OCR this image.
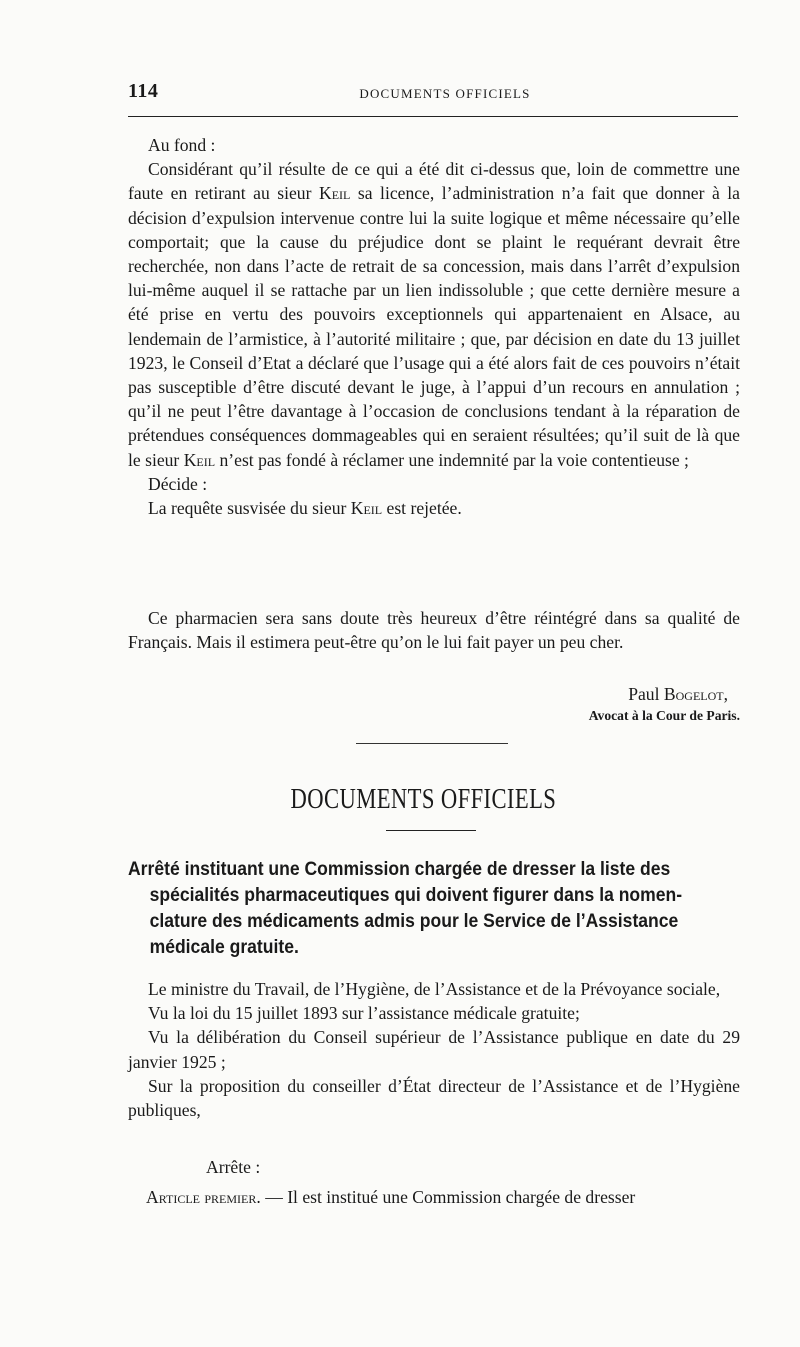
114	DOCUMENTS OFFICIELS

Au fond :

Considérant qu’il résulte de ce qui a été dit ci-dessus que, loin de commettre une faute en retirant au sieur Keil sa licence, l’administration n’a fait que donner à la décision d’expulsion intervenue contre lui la suite logique et même nécessaire qu’elle comportait; que la cause du préjudice dont se plaint le requérant devrait être recherchée, non dans l’acte de retrait de sa concession, mais dans l’arrêt d’expulsion lui-même auquel il se rattache par un lien indissoluble ; que cette dernière mesure a été prise en vertu des pouvoirs exceptionnels qui appartenaient en Alsace, au lendemain de l’armistice, à l’autorité militaire ; que, par décision en date du 13 juillet 1923, le Conseil d’Etat a déclaré que l’usage qui a été alors fait de ces pouvoirs n’était pas susceptible d’être discuté devant le juge, à l’appui d’un recours en annulation ; qu’il ne peut l’être davantage à l’occasion de conclusions tendant à la réparation de prétendues conséquences dommageables qui en seraient résultées; qu’il suit de là que le sieur Keil n’est pas fondé à réclamer une indemnité par la voie contentieuse ;

Décide :

La requête susvisée du sieur Keil est rejetée.

Ce pharmacien sera sans doute très heureux d’être réintégré dans sa qualité de Français. Mais il estimera peut-être qu’on le lui fait payer un peu cher.

Paul Bogelot,
Avocat à la Cour de Paris.
DOCUMENTS OFFICIELS
Arrêté instituant une Commission chargée de dresser la liste des
spécialités pharmaceutiques qui doivent figurer dans la nomen-
clature des médicaments admis pour le Service de l’Assistance
médicale gratuite.

Le ministre du Travail, de l’Hygiène, de l’Assistance et de la Prévoyance sociale,

Vu la loi du 15 juillet 1893 sur l’assistance médicale gratuite;

Vu la délibération du Conseil supérieur de l’Assistance publique en date du 29 janvier 1925 ;

Sur la proposition du conseiller d’État directeur de l’Assistance et de l’Hygiène publiques,

Arrête :
Article premier. — Il est institué une Commission chargée de dresser
